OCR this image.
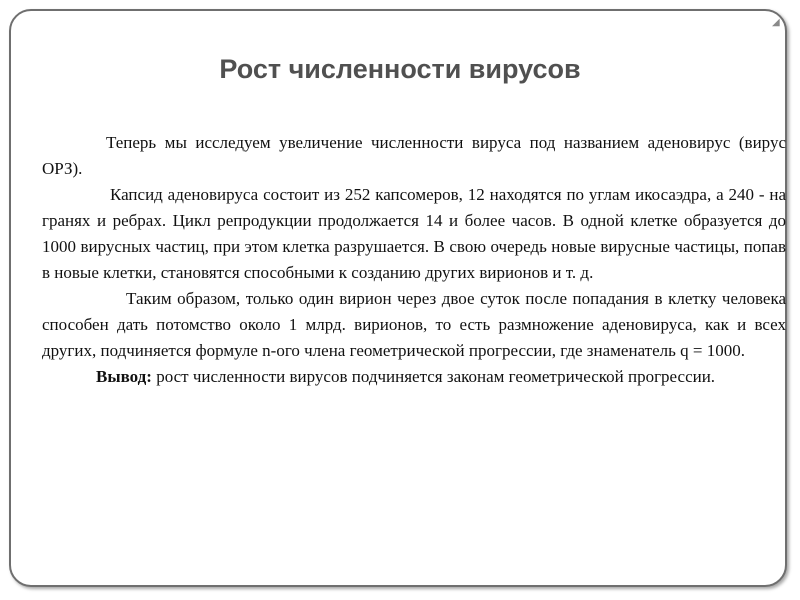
◢
Рост численности вирусов

Теперь мы исследуем увеличение численности вируса под названием аденовирус (вирус ОРЗ).

Капсид аденовируса состоит из 252 капсомеров, 12 находятся по углам икосаэдра, а 240 - на гранях и ребрах. Цикл репродукции продолжается 14 и более часов. В одной клетке образуется до 1000 вирусных частиц, при этом клетка разрушается. В свою очередь новые вирусные частицы, попав в новые клетки, становятся способными к созданию других вирионов и т. д.

Таким образом, только один вирион через двое суток после попадания в клетку человека способен дать потомство около 1 млрд. вирионов, то есть размножение аденовируса, как и всех других, подчиняется формуле n-ого члена геометрической прогрессии, где знаменатель q = 1000.

Вывод: рост численности вирусов подчиняется законам геометрической прогрессии.
